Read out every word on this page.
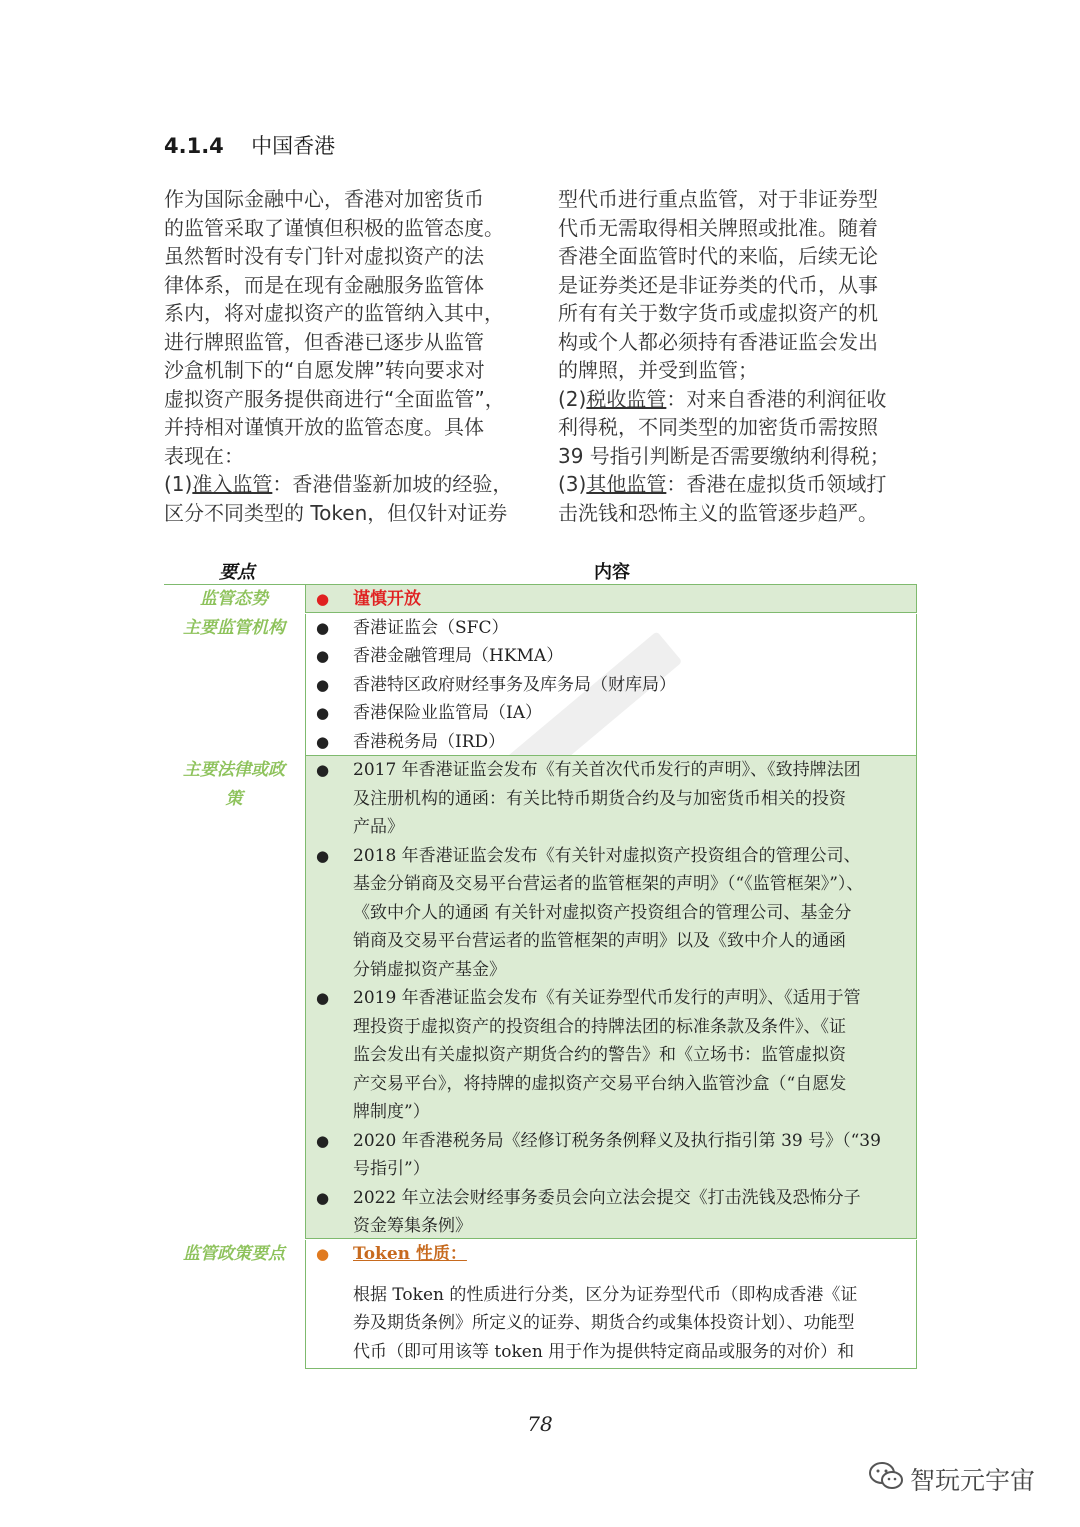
4.1.4 中国香港
作为国际金融中心，香港对加密货币
的监管采取了谨慎但积极的监管态度。
虽然暂时没有专门针对虚拟资产的法
律体系，而是在现有金融服务监管体
系内，将对虚拟资产的监管纳入其中，
进行牌照监管，但香港已逐步从监管
沙盒机制下的“自愿发牌”转向要求对
虚拟资产服务提供商进行“全面监管”，
并持相对谨慎开放的监管态度。具体
表现在：
(1)准入监管：香港借鉴新加坡的经验，
区分不同类型的 Token，但仅针对证券
型代币进行重点监管，对于非证券型
代币无需取得相关牌照或批准。随着
香港全面监管时代的来临，后续无论
是证券类还是非证券类的代币，从事
所有有关于数字货币或虚拟资产的机
构或个人都必须持有香港证监会发出
的牌照，并受到监管；
(2)税收监管：对来自香港的利润征收
利得税，不同类型的加密货币需按照
39 号指引判断是否需要缴纳利得税；
(3)其他监管：香港在虚拟货币领域打
击洗钱和恐怖主义的监管逐步趋严。
要点	内容
监管态势	● 谨慎开放
主要监管机构	● 香港证监会（SFC）
● 香港金融管理局（HKMA）
● 香港特区政府财经事务及库务局（财库局）
● 香港保险业监管局（IA）
● 香港税务局（IRD）
主要法律或政
策
● 2017 年香港证监会发布《有关首次代币发行的声明》、《致持牌法团
及注册机构的通函：有关比特币期货合约及与加密货币相关的投资
产品》
● 2018 年香港证监会发布《有关针对虚拟资产投资组合的管理公司、
基金分销商及交易平台营运者的监管框架的声明》（“《监管框架》”）、
《致中介人的通函 有关针对虚拟资产投资组合的管理公司、基金分
销商及交易平台营运者的监管框架的声明》以及《致中介人的通函
分销虚拟资产基金》
● 2019 年香港证监会发布《有关证券型代币发行的声明》、《适用于管
理投资于虚拟资产的投资组合的持牌法团的标准条款及条件》、《证
监会发出有关虚拟资产期货合约的警告》和《立场书：监管虚拟资
产交易平台》，将持牌的虚拟资产交易平台纳入监管沙盒（“自愿发
牌制度”）
● 2020 年香港税务局《经修订税务条例释义及执行指引第 39 号》（“39
号指引”）
● 2022 年立法会财经事务委员会向立法会提交《打击洗钱及恐怖分子
资金筹集条例》
监管政策要点	● Token 性质：
根据 Token 的性质进行分类，区分为证券型代币（即构成香港《证
券及期货条例》所定义的证券、期货合约或集体投资计划）、功能型
代币（即可用该等 token 用于作为提供特定商品或服务的对价）和
78
智玩元宇宙
